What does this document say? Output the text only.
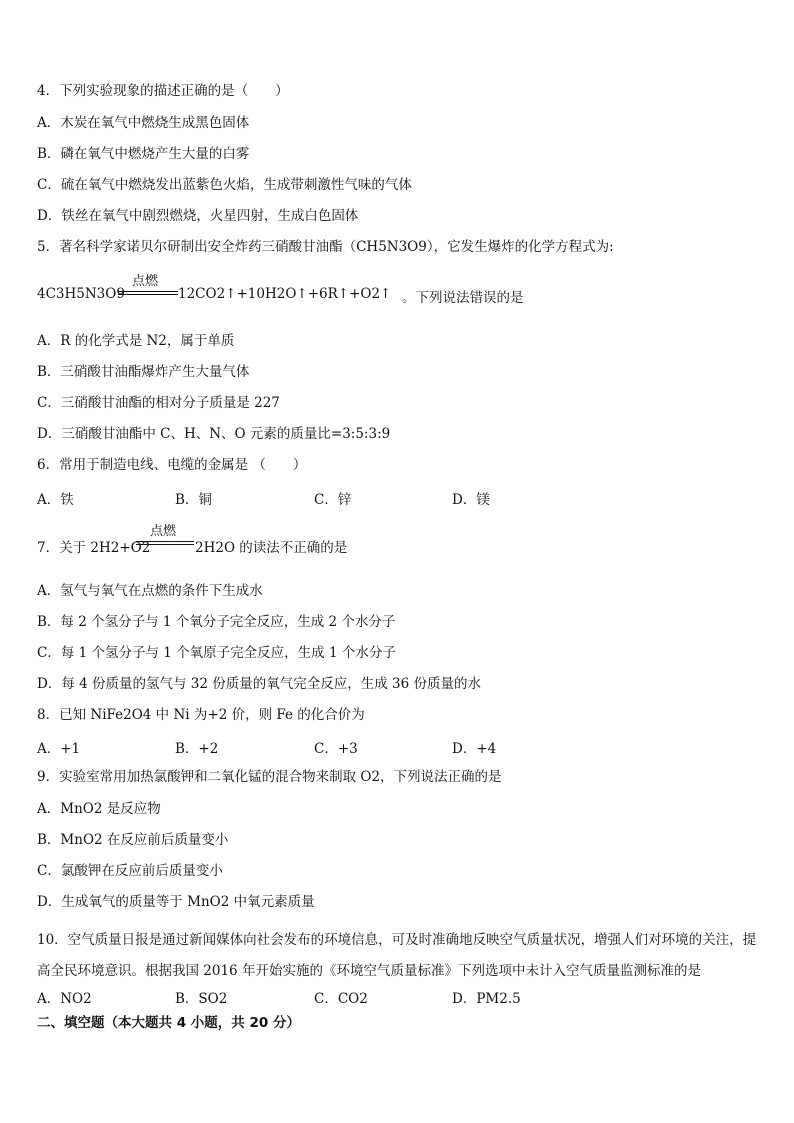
4．下列实验现象的描述正确的是（　　）
A．木炭在氧气中燃烧生成黑色固体
B．磷在氧气中燃烧产生大量的白雾
C．硫在氧气中燃烧发出蓝紫色火焰，生成带刺激性气味的气体
D．铁丝在氧气中剧烈燃烧，火星四射，生成白色固体
5．著名科学家诺贝尔研制出安全炸药三硝酸甘油酯（CH5N3O9），它发生爆炸的化学方程式为:
4C3H5N3O9
点燃
12CO2↑+10H2O↑+6R↑+O2↑ 。下列说法错误的是
A．R 的化学式是 N2，属于单质
B．三硝酸甘油酯爆炸产生大量气体
C．三硝酸甘油酯的相对分子质量是 227
D．三硝酸甘油酯中 C、H、N、O 元素的质量比=3:5:3:9
6．常用于制造电线、电缆的金属是 （　　）
A．铁	B．铜	C．锌	D．镁
7．关于 2H2+O2
点燃
2H2O 的读法不正确的是
A．氢气与氧气在点燃的条件下生成水
B．每 2 个氢分子与 1 个氧分子完全反应，生成 2 个水分子
C．每 1 个氢分子与 1 个氧原子完全反应，生成 1 个水分子
D．每 4 份质量的氢气与 32 份质量的氧气完全反应，生成 36 份质量的水
8．已知 NiFe2O4 中 Ni 为+2 价，则 Fe 的化合价为
A．+1	B．+2	C．+3	D．+4
9．实验室常用加热氯酸钾和二氧化锰的混合物来制取 O2，下列说法正确的是
A．MnO2 是反应物
B．MnO2 在反应前后质量变小
C．氯酸钾在反应前后质量变小
D．生成氧气的质量等于 MnO2 中氧元素质量
10．空气质量日报是通过新闻媒体向社会发布的环境信息，可及时准确地反映空气质量状况，增强人们对环境的关注，提高全民环境意识。根据我国 2016 年开始实施的《环境空气质量标准》下列选项中未计入空气质量监测标准的是
A．NO2	B．SO2	C．CO2	D．PM2.5
二、填空题（本大题共 4 小题，共 20 分）
